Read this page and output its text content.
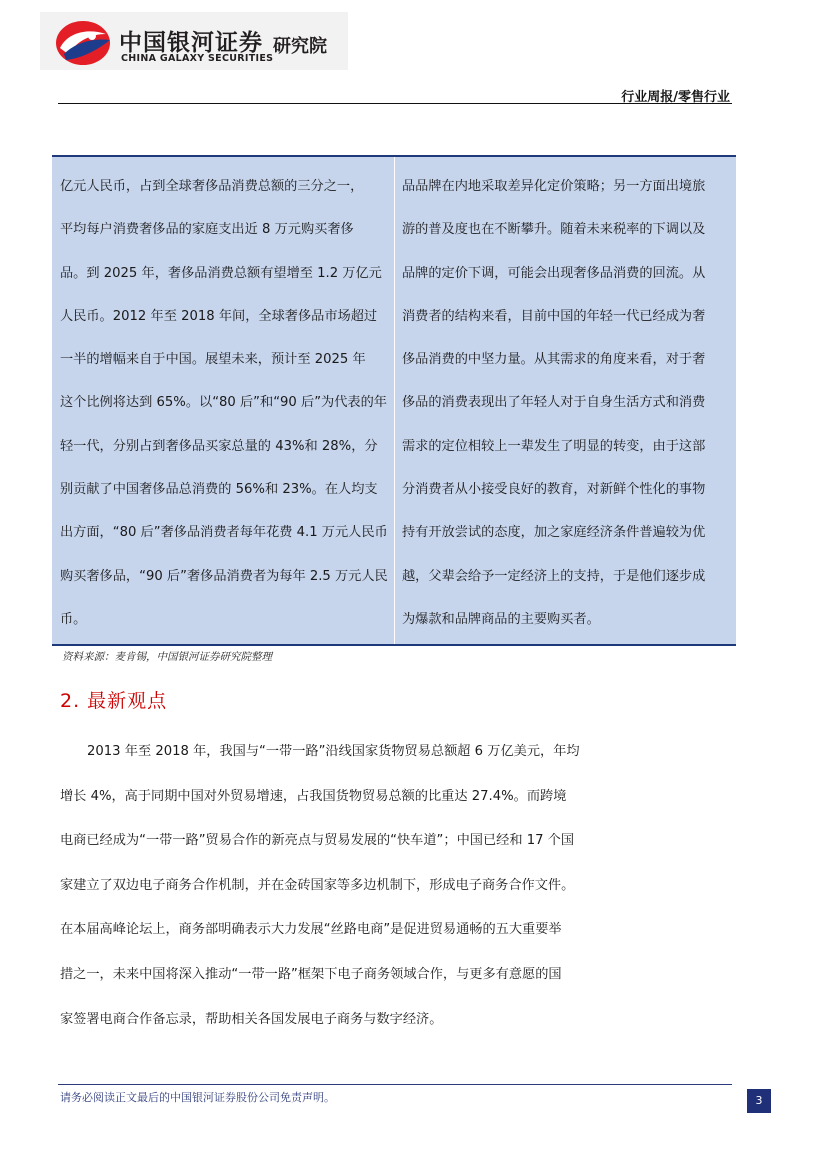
中国银河证券
CHINA GALAXY SECURITIES
研究院
行业周报/零售行业
亿元人民币，占到全球奢侈品消费总额的三分之一，
平均每户消费奢侈品的家庭支出近 8 万元购买奢侈
品。到 2025 年，奢侈品消费总额有望增至 1.2 万亿元
人民币。2012 年至 2018 年间，全球奢侈品市场超过
一半的增幅来自于中国。展望未来，预计至 2025 年
这个比例将达到 65%。以“80 后”和“90 后”为代表的年
轻一代，分别占到奢侈品买家总量的 43%和 28%，分
别贡献了中国奢侈品总消费的 56%和 23%。在人均支
出方面，“80 后”奢侈品消费者每年花费 4.1 万元人民币
购买奢侈品，“90 后”奢侈品消费者为每年 2.5 万元人民
币。
品品牌在内地采取差异化定价策略；另一方面出境旅
游的普及度也在不断攀升。随着未来税率的下调以及
品牌的定价下调，可能会出现奢侈品消费的回流。从
消费者的结构来看，目前中国的年轻一代已经成为奢
侈品消费的中坚力量。从其需求的角度来看，对于奢
侈品的消费表现出了年轻人对于自身生活方式和消费
需求的定位相较上一辈发生了明显的转变，由于这部
分消费者从小接受良好的教育，对新鲜个性化的事物
持有开放尝试的态度，加之家庭经济条件普遍较为优
越，父辈会给予一定经济上的支持，于是他们逐步成
为爆款和品牌商品的主要购买者。
资料来源：麦肯锡，中国银河证券研究院整理
2. 最新观点
2013 年至 2018 年，我国与“一带一路”沿线国家货物贸易总额超 6 万亿美元，年均
增长 4%，高于同期中国对外贸易增速，占我国货物贸易总额的比重达 27.4%。而跨境
电商已经成为“一带一路”贸易合作的新亮点与贸易发展的“快车道”；中国已经和 17 个国
家建立了双边电子商务合作机制，并在金砖国家等多边机制下，形成电子商务合作文件。
在本届高峰论坛上，商务部明确表示大力发展“丝路电商”是促进贸易通畅的五大重要举
措之一，未来中国将深入推动“一带一路”框架下电子商务领域合作，与更多有意愿的国
家签署电商合作备忘录，帮助相关各国发展电子商务与数字经济。
请务必阅读正文最后的中国银河证券股份公司免责声明。	3
